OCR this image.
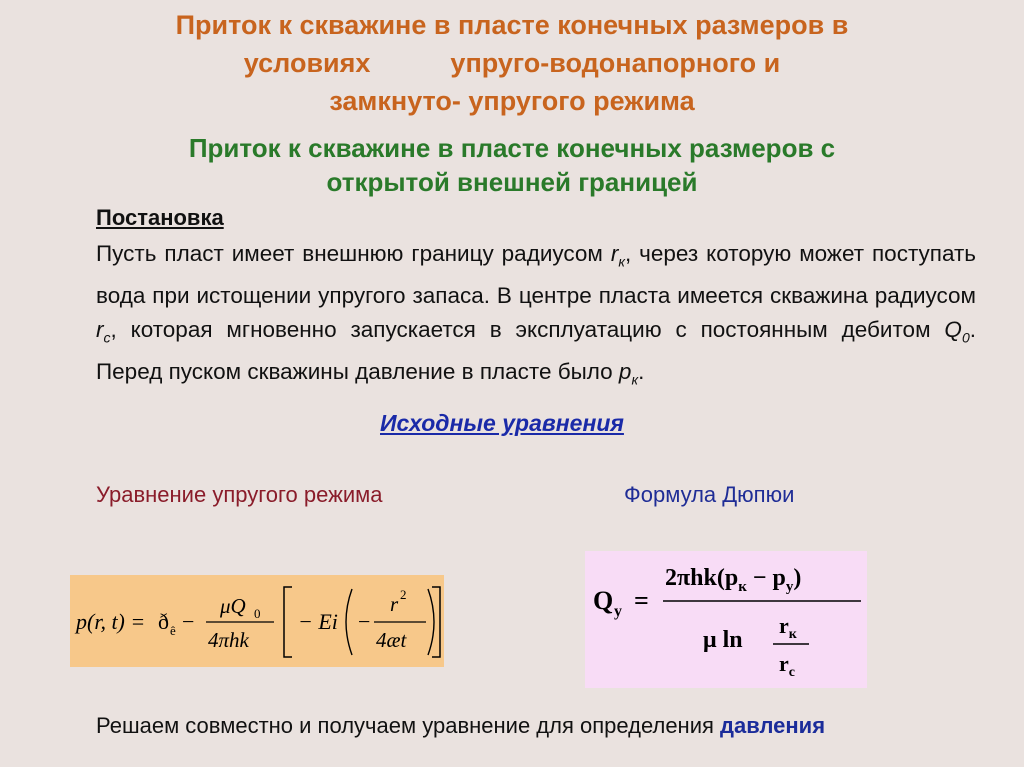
Приток к скважине в пласте конечных размеров в
условиях	упруго-водонапорного и
замкнуто- упругого режима
Приток к скважине в пласте конечных размеров с
открытой внешней границей
Постановка
Пусть пласт имеет внешнюю границу радиусом $r_к$, через которую может поступать вода при истощении упругого запаса. В центре пласта имеется скважина радиусом $r_с$, которая мгновенно запускается в эксплуатацию с постоянным дебитом $Q_0$. Перед пуском скважины давление в пласте было $p_к$.
Исходные уравнения
Уравнение упругого режима	Формула Дюпюи
p(r, t) = ð ê −
μQ 0
4πhk
− Ei −
r 2
4æt
Q у =
$2\pi hk(p_к - p_у)$
μ ln
$r_к$
$r_с$
Решаем совместно и получаем уравнение для определения давления
